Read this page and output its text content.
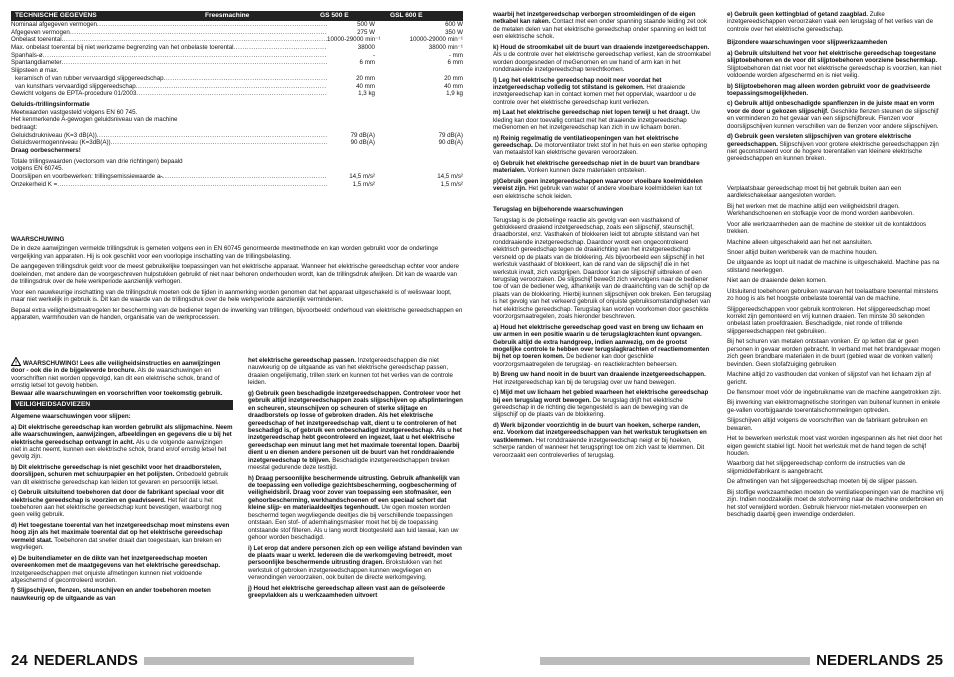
TECHNISCHE GEGEVENS	Freesmachine	GS 500 E	GSL 600 E
Nominaal afgegeven vermogen .....	500 W	600 W
Afgegeven vermogen .....	275 W	350 W
Onbelast toerental .....	10000-29000 min⁻¹	10000-29000 min⁻¹
Max. onbelast toerental bij niet werkzame begrenzing van het onbelaste toerental .....	38000	38000 min⁻¹
Spanhals-ø .....	-	- mm
Spantangdiameter .....	6 mm	6 mm
Slijpsteen ø max.
keramisch of van rubber vervaardigd slijpgereedschap .....	20 mm	20 mm
van kunsthars vervaardigd slijpgereedschap .....	40 mm	40 mm
Gewicht volgens de EPTA-procedure 01/2003 .....	1,3 kg	1,9 kg
Geluids-/trillingsinformatie
Meetwaarden vastgesteld volgens EN 60 745.
Het kenmerkende A-gewogen geluidsniveau van de machine
bedraagt:
Geluidsdrukniveau (K=3 dB(A)) .....	79 dB(A)	79 dB(A)
Geluidsvermogenniveau (K=3dB(A)) .....	90 dB(A)	90 dB(A)
Draag oorbeschermers!
Totale trillingswaarden (vectorsom van drie richtingen) bepaald
volgens EN 60745.
Doorslijpen en voorbewerken: trillingsemissiewaarde aₕ .....	14,5 m/s²	14,5 m/s²
Onzekerheid K = .....	1,5 m/s²	1,5 m/s²
WAARSCHUWING

De in deze aanwijzingen vermelde trillingsdruk is gemeten volgens een in EN 60745 genormeerde meetmethode en kan worden gebruikt voor de onderlinge vergelijking van apparaten. Hij is ook geschikt voor een voorlopige inschatting van de trillingsbelasting.

De aangegeven trillingsdruk geldt voor de meest gebruikelijke toepassingen van het elektrische apparaat. Wanneer het elektrische gereedschap echter voor andere doeleinden, met andere dan de voorgeschreven hulpstukken gebruikt of niet naar behoren onderhouden wordt, kan de trillingsdruk afwijken. Dit kan de waarde van de trillingsdruk over de hele werkperiode aanzienlijk verhogen.

Voor een nauwkeurige inschatting van de trillingsdruk moeten ook de tijden in aanmerking worden genomen dat het apparaat uitgeschakeld is of weliswaar loopt, maar niet werkelijk in gebruik is. Dit kan de waarde van de trillingsdruk over de hele werkperiode aanzienlijk verminderen.

Bepaal extra veiligheidsmaatregelen ter bescherming van de bediener tegen de inwerking van trillingen, bijvoorbeeld: onderhoud van elektrische gereedschappen en apparaten, warmhouden van de handen, organisatie van de werkprocessen.

! WAARSCHUWING! Lees alle veiligheidsinstructies en aanwijzingen door - ook die in de bijgeleverde brochure. Als de waarschuwingen en voorschriften niet worden opgevolgd, kan dit een elektrische schok, brand of ernstig letsel tot gevolg hebben.
Bewaar alle waarschuwingen en voorschriften voor toekomstig gebruik.

VEILIGHEIDSADVIEZEN

Algemene waarschuwingen voor slijpen:

a) Dit elektrische gereedschap kan worden gebruikt als slijpmachine. Neem alle waarschuwingen, aanwijzingen, afbeeldingen en gegevens die u bij het elektrische gereedschap ontvangt in acht. Als u de volgende aanwijzingen niet in acht neemt, kunnen een elektrische schok, brand en/of ernstig letsel het gevolg zijn.

b) Dit elektrische gereedschap is niet geschikt voor het draadborstelen, doorslijpen, schuren met schuurpapier en het polijsten. Onbedoeld gebruik van dit elektrische gereedschap kan leiden tot gevaren en persoonlijk letsel.

c) Gebruik uitsluitend toebehoren dat door de fabrikant speciaal voor dit elektrische gereedschap is voorzien en geadviseerd. Het feit dat u het toebehoren aan het elektrische gereedschap kunt bevestigen, waarborgt nog geen veilig gebruik.

d) Het toegestane toerental van het inzetgereedschap moet minstens even hoog zijn als het maximale toerental dat op het elektrische gereedschap vermeld staat. Toebehoren dat sneller draait dan toegestaan, kan breken en wegvliegen.

e) De buitendiameter en de dikte van het inzetgereedschap moeten overeenkomen met de maatgegevens van het elektrische gereedschap. Inzetgereedschappen met onjuiste afmetingen kunnen niet voldoende afgeschermd of gecontroleerd worden.

f) Slijpschijven, flenzen, steunschijven en ander toebehoren moeten nauwkeurig op de uitgaande as van

het elektrische gereedschap passen. Inzetgereedschappen die niet nauwkeurig op de uitgaande as van het elektrische gereedschap passen, draaien ongelijkmatig, trillen sterk en kunnen tot het verlies van de controle leiden.

g) Gebruik geen beschadigde inzetgereedschappen. Controleer voor het gebruik altijd inzetgereedschappen zoals slijpschijven op afsplinteringen en scheuren, steunschijven op scheuren of sterke slijtage en draadborstels op losse of gebroken draden. Als het elektrische gereedschap of het inzetgereedschap valt, dient u te controleren of het beschadigd is, of gebruik een onbeschadigd inzetgereedschap. Als u het inzetgereedschap hebt gecontroleerd en ingezet, laat u het elektrische gereedschap een minuut lang met het maximale toerental lopen. Daarbij dient u en dienen andere personen uit de buurt van het ronddraaiende inzetgereedschap te blijven. Beschadigde inzetgereedschappen breken meestal gedurende deze testtijd.

h) Draag persoonlijke beschermende uitrusting. Gebruik afhankelijk van de toepassing een volledige gezichtsbescherming, oogbescherming of veiligheidsbril. Draag voor zover van toepassing een stofmasker, een gehoorbescherming, werkhandschoenen of een speciaal schort dat kleine slijp- en materiaaldeeltjes tegenhoudt. Uw ogen moeten worden beschermd tegen wegvliegende deeltjes die bij verschillende toepassingen ontstaan. Een stof- of ademhalingsmasker moet het bij de toepassing ontstaande stof filteren. Als u lang wordt blootgesteld aan luid lawaai, kan uw gehoor worden beschadigd.

i) Let erop dat andere personen zich op een veilige afstand bevinden van de plaats waar u werkt. Iedereen die de werkomgeving betreedt, moet persoonlijke beschermende uitrusting dragen. Brokstukken van het werkstuk of gebroken inzetgereedschappen kunnen wegvliegen en verwondingen veroorzaken, ook buiten de directe werkomgeving.

j) Houd het elektrische gereedschap alleen vast aan de geïsoleerde greepvlakken als u werkzaamheden uitvoert

24 NEDERLANDS

waarbij het inzetgereedschap verborgen stroomleidingen of de eigen netkabel kan raken. Contact met een onder spanning staande leiding zet ook de metalen delen van het elektrische gereedschap onder spanning en leidt tot een elektrische schok.

k) Houd de stroomkabel uit de buurt van draaiende inzetgereedschappen. Als u de controle over het elektrische gereedschap verliest, kan de stroomkabel worden doorgesneden of meGenomen en uw hand of arm kan in het ronddraaiende inzetgereedschap terechtkomen.

l) Leg het elektrische gereedschap nooit neer voordat het inzetgereedschap volledig tot stilstand is gekomen. Het draaiende inzetgereedschap kan in contact komen met het oppervlak, waardoor u de controle over het elektrische gereedschap kunt verliezen.

m) Laat het elektrische gereedschap niet lopen terwijl u het draagt. Uw kleding kan door toevallig contact met het draaiende inzetgereedschap meGenomen en het inzetgereedschap kan zich in uw lichaam boren.

n) Reinig regelmatig de ventilatieopeningen van het elektrische gereedschap. De motorventilator trekt stof in het huis en een sterke ophoping van metaalstof kan elektrische gevaren veroorzaken.

o) Gebruik het elektrische gereedschap niet in de buurt van brandbare materialen. Vonken kunnen deze materialen ontsteken.

p)Gebruik geen inzetgereedschappen waarvoor vloeibare koelmiddelen vereist zijn. Het gebruik van water of andere vloeibare koelmiddelen kan tot een elektrische schok leiden.

Terugslag en bijbehorende waarschuwingen

Terugslag is de plotselinge reactie als gevolg van een vasthakend of geblokkeerd draaiend inzetgereedschap, zoals een slijpschijf, steunschijf, draadborstel, enz. Vasthaken of blokkeren leidt tot abrupte stilstand van het ronddraaiende inzetgereedschap. Daardoor wordt een ongecontroleerd elektrisch gereedschap tegen de draairichting van het inzetgereedschap versneld op de plaats van de blokkering. Als bijvoorbeeld een slijpschijf in het werkstuk vasthaakt of blokkeert, kan de rand van de slijpschijf die in het werkstuk invalt, zich vastgrijpen. Daardoor kan de slijpschijf uitbreken of een terugslag veroorzaken. De slijpschijf beweGt zich vervolgens naar de bediener toe of van de bediener weg, afhankelijk van de draairichting van de schijf op de plaats van de blokkering. Hierbij kunnen slijpschijven ook breken. Een terugslag is het gevolg van het verkeerd gebruik of onjuiste gebruiksomstandigheden van het elektrische gereedschap. Terugslag kan worden voorkomen door geschikte voorzorgsmaatregelen, zoals hieronder beschreven.

a) Houd het elektrische gereedschap goed vast en breng uw lichaam en uw armen in een positie waarin u de terugslagkrachten kunt opvangen. Gebruik altijd de extra handgreep, indien aanwezig, om de grootst mogelijke controle te hebben over terugslagkrachten of reactiemomenten bij het op toeren komen. De bediener kan door geschikte voorzorgsmaatregelen de terugslag- en reactiekrachten beheersen.

b) Breng uw hand nooit in de buurt van draaiende inzetgereedschappen. Het inzetgereedschap kan bij de terugslag over uw hand bewegen.

c) Mijd met uw lichaam het gebied waarheen het elektrische gereedschap bij een terugslag wordt bewogen. De terugslag drijft het elektrische gereedschap in de richting die tegengesteld is aan de beweging van de slijpschijf op de plaats van de blokkering.

d) Werk bijzonder voorzichtig in de buurt van hoeken, scherpe randen, enz. Voorkom dat inzetgereedschappen van het werkstuk terugketsen en vastklemmen. Het ronddraaiende inzetgereedschap neigt er bij hoeken, scherpe randen of wanneer het terugspringt toe om zich vast te klemmen. Dit veroorzaakt een controleverlies of terugslag.

e) Gebruik geen kettingblad of getand zaagblad. Zulke inzetgereedschappen veroorzaken vaak een terugslag of het verlies van de controle over het elektrische gereedschap.

Bijzondere waarschuwingen voor slijpwerkzaamheden

a) Gebruik uitsluitend het voor het elektrische gereedschap toegestane slijptoebehoren en de voor dit slijptoebehoren voorziene beschermkap. Slijptoebehoren dat niet voor het elektrische gereedschap is voorzien, kan niet voldoende worden afgeschermd en is niet veilig.

b) Slijptoebehoren mag alleen worden gebruikt voor de geadviseerde toepassingsmogelijkheden.

c) Gebruik altijd onbeschadigde spanflenzen in de juiste maat en vorm voor de door u gekozen slijpschijf. Geschikte flenzen steunen de slijpschijf en verminderen zo het gevaar van een slijpschijfbreuk. Flenzen voor doorslijpschijven kunnen verschillen van de flenzen voor andere slijpschijven.

d) Gebruik geen versleten slijpschijven van grotere elektrische gereedschappen. Slijpschijven voor grotere elektrische gereedschappen zijn niet geconstrueerd voor de hogere toerentallen van kleinere elektrische gereedschappen en kunnen breken.

Verplaatsbaar gereedschap moet bij het gebruik buiten aan een aardlekschakelaar aangesloten worden.

Bij het werken met de machine altijd een veiligheidsbril dragen. Werkhandschoenen en stofkapje voor de mond worden aanbevolen.

Voor alle werkzaamheden aan de machine de stekker uit de kontaktdoos trekken.

Machine alleen uitgeschakeld aan het net aansluiten.

Snoer altijd buiten werkbereik van de machine houden.

De uitgaande as loopt uit nadat de machine is uitgeschakeld. Machine pas na stilstand neerleggen.

Niet aan de draaiende delen komen.

Uitsluitend toebehoren gebruiken waarvan het toelaatbare toerental minstens zo hoog is als het hoogste onbelaste toerental van de machine.

Slijpgereedschappen voor gebruik kontroleren. Het slijpgereedschap moet korrekt zijn gemonteerd en vrij kunnen draaien. Ten minste 30 sekonden onbelast laten proefdraaien. Beschadigde, niet ronde of trillende slijpgereedschappen niet gebruiken.

Bij het schuren van metalen ontstaan vonken. Er op letten dat er geen personen in gevaar worden gebracht. In verband met het brandgevaar mogen zich geen brandbare materialen in de buurt (gebied waar de vonken vallen) bevinden. Geen stofafzuiging gebruiken

Machine altijd zo vasthouden dat vonken of slijpstof van het lichaam zijn af gericht.

De flensmoer moet vóór de ingebruikname van de machine aangetrokken zijn.

Bij inwerking van elektromagnetische storingen van buitenaf kunnen in enkele ge-vallen voorbijgaande toerentalschommelingen optreden.

Slijpschijven altijd volgens de voorschriften van de fabrikant gebruiken en bewaren.

Het te bewerken werkstuk moet vast worden ingespannen als het niet door het eigen gewicht stabiel ligt. Nooit het werkstuk met de hand tegen de schijf houden.

Waarborg dat het slijpgereedschap conform de instructies van de slijpmiddelfabrikant is aangebracht.

De afmetingen van het slijpgereedschap moeten bij de slijper passen.

Bij stoffige werkzaamheden moeten de ventilatieopeningen van de machine vrij zijn. Indien noodzakelijk moet de stofvorming naar de machine onderbroken en het stof verwijderd worden. Gebruik hiervoor niet-metalen voorwerpen en beschadig daarbij geen inwendige onderdelen.

NEDERLANDS 25
